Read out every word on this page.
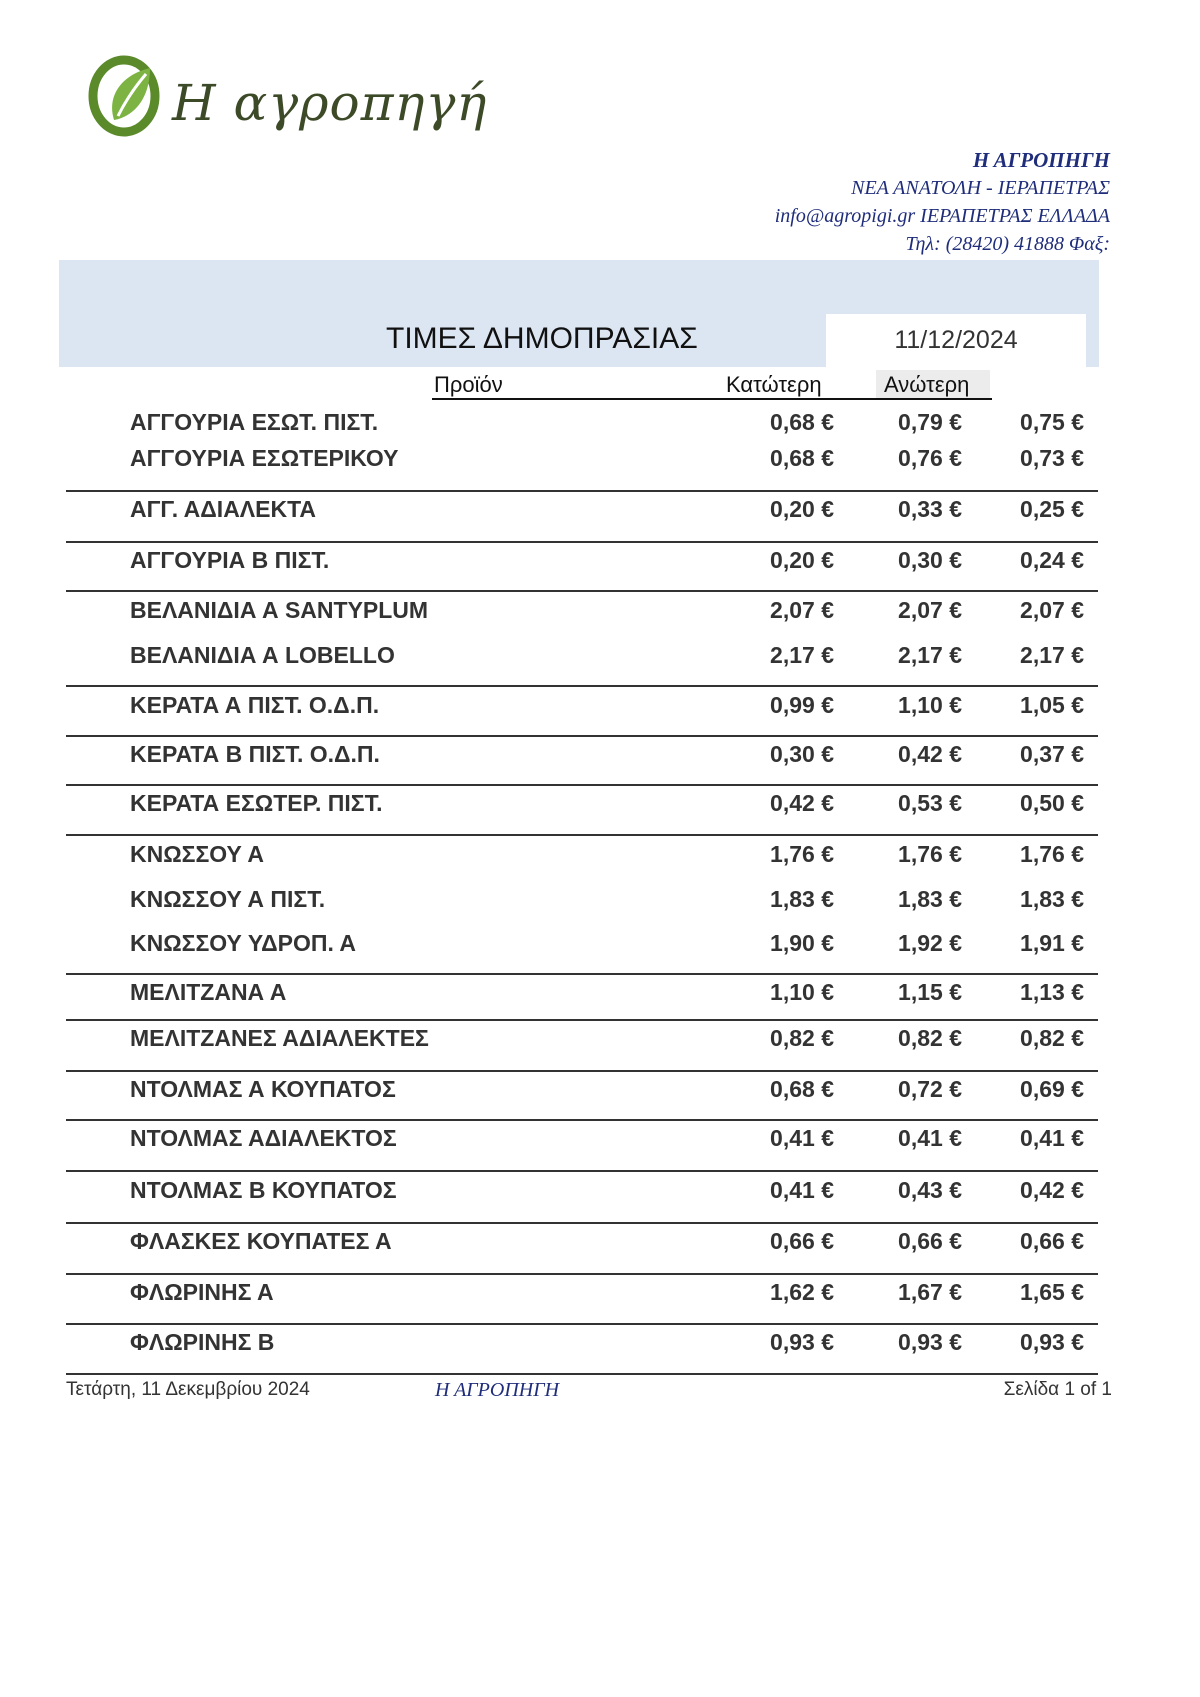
Η αγροπηγή
Η ΑΓΡΟΠΗΓΗ
ΝΕΑ ΑΝΑΤΟΛΗ - ΙΕΡΑΠΕΤΡΑΣ
info@agropigi.gr ΙΕΡΑΠΕΤΡΑΣ ΕΛΛΑΔΑ
Τηλ: (28420) 41888 Φαξ:
ΤΙΜΕΣ ΔΗΜΟΠΡΑΣΙΑΣ	11/12/2024
Προϊόν	Κατώτερη	Ανώτερη
ΑΓΓΟΥΡΙΑ ΕΣΩΤ. ΠΙΣΤ.	0,68 €	0,79 €	0,75 €
ΑΓΓΟΥΡΙΑ ΕΣΩΤΕΡΙΚΟΥ	0,68 €	0,76 €	0,73 €
ΑΓΓ. ΑΔΙΑΛΕΚΤΑ	0,20 €	0,33 €	0,25 €
ΑΓΓΟΥΡΙΑ Β ΠΙΣΤ.	0,20 €	0,30 €	0,24 €
ΒΕΛΑΝΙΔΙΑ Α SANTYPLUM	2,07 €	2,07 €	2,07 €
ΒΕΛΑΝΙΔΙΑ Α LOBELLO	2,17 €	2,17 €	2,17 €
ΚΕΡΑΤΑ Α ΠΙΣΤ. Ο.Δ.Π.	0,99 €	1,10 €	1,05 €
ΚΕΡΑΤΑ Β ΠΙΣΤ. Ο.Δ.Π.	0,30 €	0,42 €	0,37 €
ΚΕΡΑΤΑ ΕΣΩΤΕΡ. ΠΙΣΤ.	0,42 €	0,53 €	0,50 €
ΚΝΩΣΣΟΥ Α	1,76 €	1,76 €	1,76 €
ΚΝΩΣΣΟΥ Α ΠΙΣΤ.	1,83 €	1,83 €	1,83 €
ΚΝΩΣΣΟΥ ΥΔΡΟΠ. Α	1,90 €	1,92 €	1,91 €
ΜΕΛΙΤΖΑΝΑ Α	1,10 €	1,15 €	1,13 €
ΜΕΛΙΤΖΑΝΕΣ ΑΔΙΑΛΕΚΤΕΣ	0,82 €	0,82 €	0,82 €
ΝΤΟΛΜΑΣ Α ΚΟΥΠΑΤΟΣ	0,68 €	0,72 €	0,69 €
ΝΤΟΛΜΑΣ ΑΔΙΑΛΕΚΤΟΣ	0,41 €	0,41 €	0,41 €
ΝΤΟΛΜΑΣ Β ΚΟΥΠΑΤΟΣ	0,41 €	0,43 €	0,42 €
ΦΛΑΣΚΕΣ ΚΟΥΠΑΤΕΣ Α	0,66 €	0,66 €	0,66 €
ΦΛΩΡΙΝΗΣ Α	1,62 €	1,67 €	1,65 €
ΦΛΩΡΙΝΗΣ Β	0,93 €	0,93 €	0,93 €
Τετάρτη, 11 Δεκεμβρίου 2024	Η ΑΓΡΟΠΗΓΗ	Σελίδα 1 of 1
